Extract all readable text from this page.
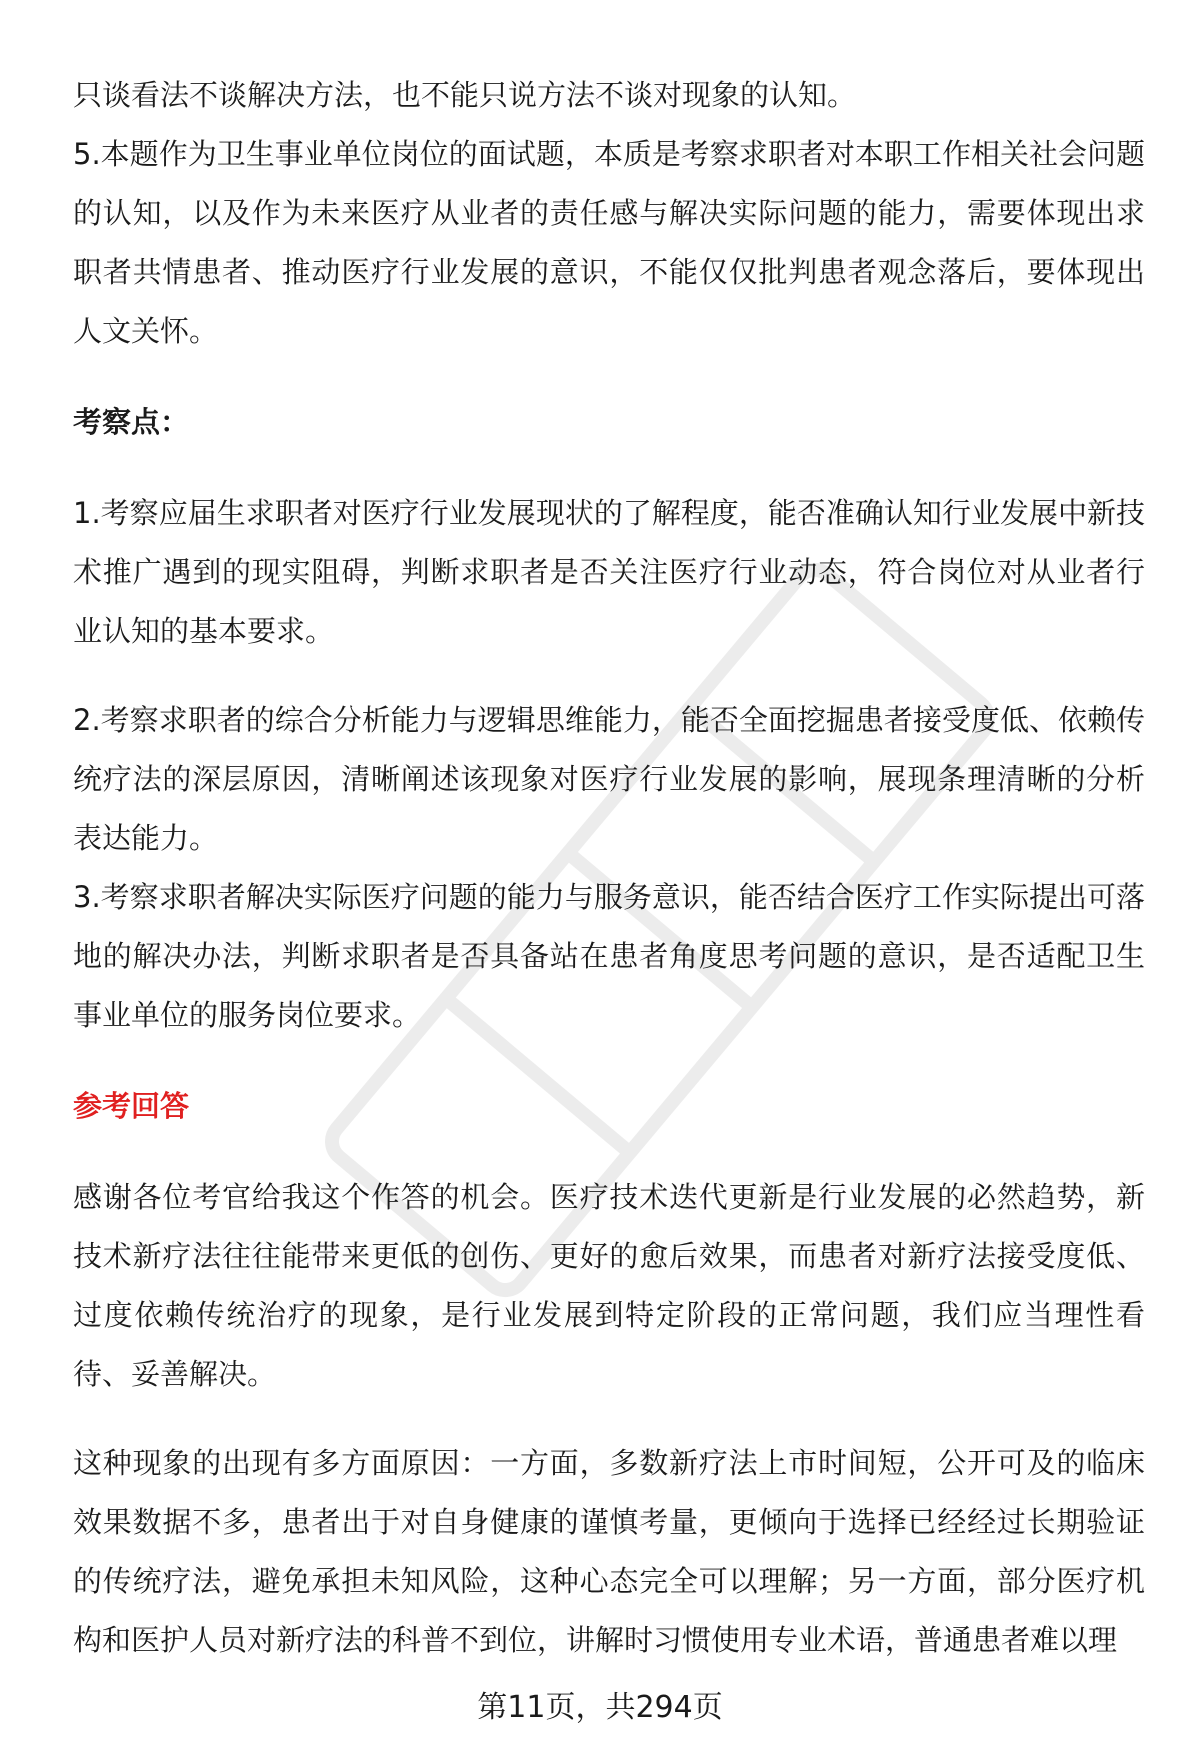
只谈看法不谈解决方法，也不能只说方法不谈对现象的认知。

5.本题作为卫生事业单位岗位的面试题，本质是考察求职者对本职工作相关社会问题的认知，以及作为未来医疗从业者的责任感与解决实际问题的能力，需要体现出求职者共情患者、推动医疗行业发展的意识，不能仅仅批判患者观念落后，要体现出人文关怀。

考察点：

1.考察应届生求职者对医疗行业发展现状的了解程度，能否准确认知行业发展中新技术推广遇到的现实阻碍，判断求职者是否关注医疗行业动态，符合岗位对从业者行业认知的基本要求。

2.考察求职者的综合分析能力与逻辑思维能力，能否全面挖掘患者接受度低、依赖传统疗法的深层原因，清晰阐述该现象对医疗行业发展的影响，展现条理清晰的分析表达能力。

3.考察求职者解决实际医疗问题的能力与服务意识，能否结合医疗工作实际提出可落地的解决办法，判断求职者是否具备站在患者角度思考问题的意识，是否适配卫生事业单位的服务岗位要求。

参考回答

感谢各位考官给我这个作答的机会。医疗技术迭代更新是行业发展的必然趋势，新技术新疗法往往能带来更低的创伤、更好的愈后效果，而患者对新疗法接受度低、过度依赖传统治疗的现象，是行业发展到特定阶段的正常问题，我们应当理性看待、妥善解决。

这种现象的出现有多方面原因：一方面，多数新疗法上市时间短，公开可及的临床效果数据不多，患者出于对自身健康的谨慎考量，更倾向于选择已经经过长期验证的传统疗法，避免承担未知风险，这种心态完全可以理解；另一方面，部分医疗机构和医护人员对新疗法的科普不到位，讲解时习惯使用专业术语，普通患者难以理

第11页，共294页
